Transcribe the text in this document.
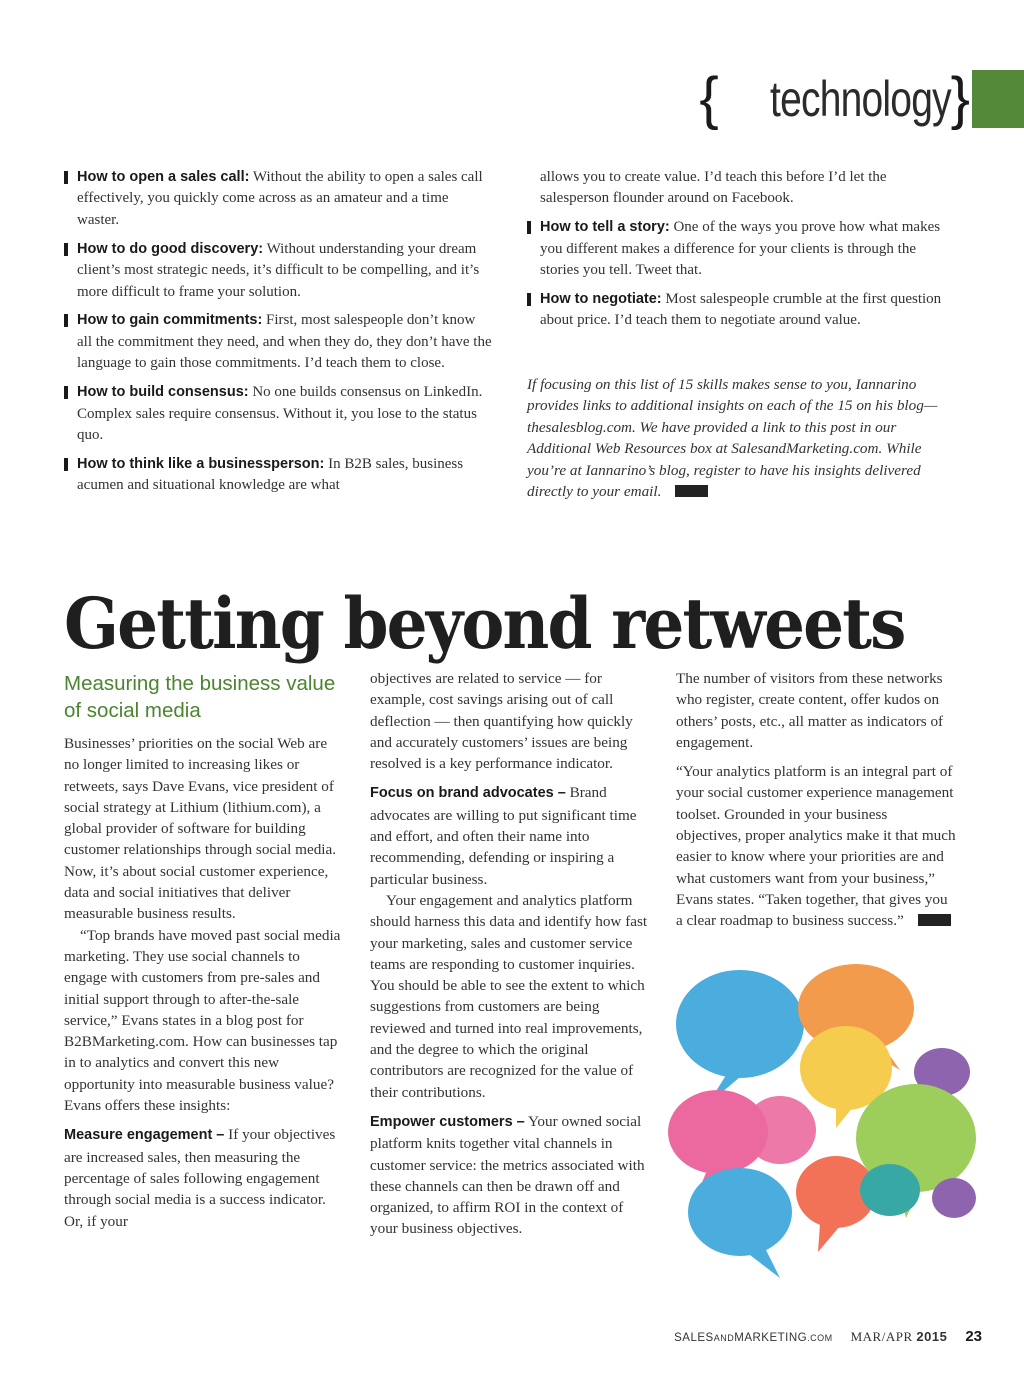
{ technology }

How to open a sales call: Without the ability to open a sales call effectively, you quickly come across as an amateur and a time waster.

How to do good discovery: Without understanding your dream client’s most strategic needs, it’s difficult to be compelling, and it’s more difficult to frame your solution.

How to gain commitments: First, most salespeople don’t know all the commitment they need, and when they do, they don’t have the language to gain those commitments. I’d teach them to close.

How to build consensus: No one builds consensus on LinkedIn. Complex sales require consensus. Without it, you lose to the status quo.

How to think like a businessperson: In B2B sales, business acumen and situational knowledge are what

allows you to create value. I’d teach this before I’d let the salesperson flounder around on Facebook.

How to tell a story: One of the ways you prove how what makes you different makes a difference for your clients is through the stories you tell. Tweet that.

How to negotiate: Most salespeople crumble at the first question about price. I’d teach them to negotiate around value.

If focusing on this list of 15 skills makes sense to you, Iannarino provides links to additional insights on each of the 15 on his blog— thesalesblog.com. We have provided a link to this post in our Additional Web Resources box at SalesandMarketing.com. While you’re at Iannarino’s blog, register to have his insights delivered directly to your email.
Getting beyond retweets
Measuring the business value of social media

Businesses’ priorities on the social Web are no longer limited to increasing likes or retweets, says Dave Evans, vice president of social strategy at Lithium (lithium.com), a global provider of software for building customer relationships through social media. Now, it’s about social customer experience, data and social initiatives that deliver measurable business results.

“Top brands have moved past social media marketing. They use social channels to engage with customers from pre-sales and initial support through to after-the-sale service,” Evans states in a blog post for B2BMarketing.com. How can businesses tap in to analytics and convert this new opportunity into measurable business value? Evans offers these insights:

Measure engagement – If your objectives are increased sales, then measuring the percentage of sales following engagement through social media is a success indicator. Or, if your

objectives are related to service — for example, cost savings arising out of call deflection — then quantifying how quickly and accurately customers’ issues are being resolved is a key performance indicator.

Focus on brand advocates – Brand advocates are willing to put significant time and effort, and often their name into recommending, defending or inspiring a particular business.

Your engagement and analytics platform should harness this data and identify how fast your marketing, sales and customer service teams are responding to customer inquiries. You should be able to see the extent to which suggestions from customers are being reviewed and turned into real improvements, and the degree to which the original contributors are recognized for the value of their contributions.

Empower customers – Your owned social platform knits together vital channels in customer service: the metrics associated with these channels can then be drawn off and organized, to affirm ROI in the context of your business objectives.

The number of visitors from these networks who register, create content, offer kudos on others’ posts, etc., all matter as indicators of engagement.

“Your analytics platform is an integral part of your social customer experience management toolset. Grounded in your business objectives, proper analytics make it that much easier to know where your priorities are and what customers want from your business,” Evans states. “Taken together, that gives you a clear roadmap to business success.”

SALESANDMARKETING.COM MAR/APR 2015 23
